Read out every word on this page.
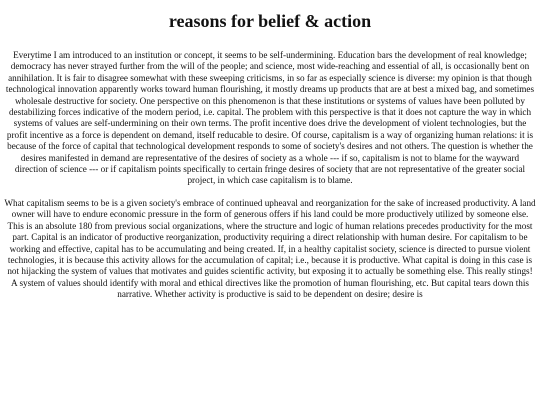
reasons for belief & action

Everytime I am introduced to an institution or concept, it seems to be self-undermining. Education bars the development of real knowledge; democracy has never strayed further from the will of the people; and science, most wide-reaching and essential of all, is occasionally bent on annihilation. It is fair to disagree somewhat with these sweeping criticisms, in so far as especially science is diverse: my opinion is that though technological innovation apparently works toward human flourishing, it mostly dreams up products that are at best a mixed bag, and sometimes wholesale destructive for society. One perspective on this phenomenon is that these institutions or systems of values have been polluted by destabilizing forces indicative of the modern period, i.e. capital. The problem with this perspective is that it does not capture the way in which systems of values are self-undermining on their own terms. The profit incentive does drive the development of violent technologies, but the profit incentive as a force is dependent on demand, itself reducable to desire. Of course, capitalism is a way of organizing human relations: it is because of the force of capital that technological development responds to some of society's desires and not others. The question is whether the desires manifested in demand are representative of the desires of society as a whole --- if so, capitalism is not to blame for the wayward direction of science --- or if capitalism points specifically to certain fringe desires of society that are not representative of the greater social project, in which case capitalism is to blame.

What capitalism seems to be is a given society's embrace of continued upheaval and reorganization for the sake of increased productivity. A land owner will have to endure economic pressure in the form of generous offers if his land could be more productively utilized by someone else. This is an absolute 180 from previous social organizations, where the structure and logic of human relations precedes productivity for the most part. Capital is an indicator of productive reorganization, productivity requiring a direct relationship with human desire. For capitalism to be working and effective, capital has to be accumulating and being created. If, in a healthy capitalist society, science is directed to pursue violent technologies, it is because this activity allows for the accumulation of capital; i.e., because it is productive. What capital is doing in this case is not hijacking the system of values that motivates and guides scientific activity, but exposing it to actually be something else. This really stings! A system of values should identify with moral and ethical directives like the promotion of human flourishing, etc. But capital tears down this narrative. Whether activity is productive is said to be dependent on desire; desire is
